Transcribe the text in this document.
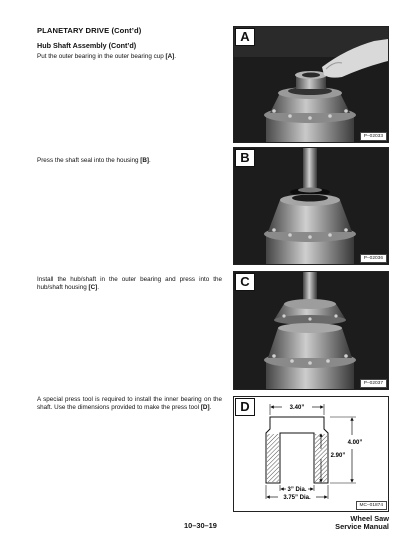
PLANETARY DRIVE (Cont’d)
Hub Shaft Assembly (Cont’d)
Put the outer bearing in the outer bearing cup [A].
Press the shaft seal into the housing [B].
Install the hub/shaft in the outer bearing and press into the hub/shaft housing [C].
A special press tool is required to install the inner bearing on the shaft. Use the dimensions provided to make the press tool [D].
A
P–02033
B
P–02036
C
P–02037
3.40”
4.00”
2.90”
3” Dia.
3.75” Dia.
D
MC–01874
10–30–19
Wheel Saw
Service Manual
